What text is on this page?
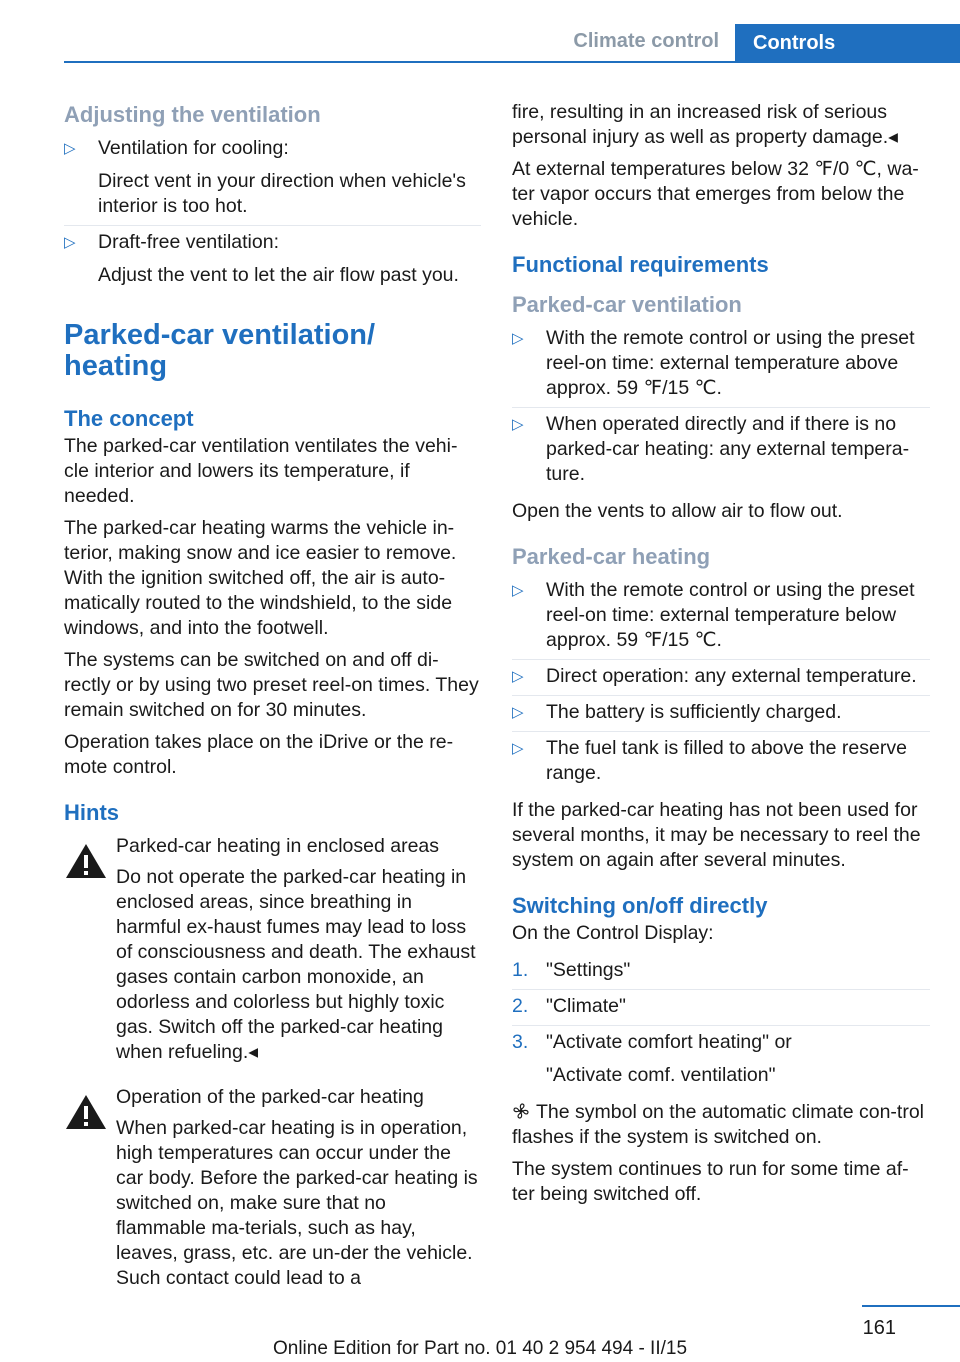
Climate control	Controls
Adjusting the ventilation
▷ Ventilation for cooling:
Direct vent in your direction when vehicle's interior is too hot.
▷ Draft-free ventilation:
Adjust the vent to let the air flow past you.
Parked-car ventilation/ heating
The concept

The parked-car ventilation ventilates the vehi-cle interior and lowers its temperature, if needed.

The parked-car heating warms the vehicle in-terior, making snow and ice easier to remove. With the ignition switched off, the air is auto-matically routed to the windshield, to the side windows, and into the footwell.

The systems can be switched on and off di-rectly or by using two preset reel-on times. They remain switched on for 30 minutes.

Operation takes place on the iDrive or the re-mote control.

Hints
Parked-car heating in enclosed areas
Do not operate the parked-car heating in enclosed areas, since breathing in harmful ex-haust fumes may lead to loss of consciousness and death. The exhaust gases contain carbon monoxide, an odorless and colorless but highly toxic gas. Switch off the parked-car heating when refueling.◂
Operation of the parked-car heating
When parked-car heating is in operation, high temperatures can occur under the car body. Before the parked-car heating is switched on, make sure that no flammable ma-terials, such as hay, leaves, grass, etc. are un-der the vehicle. Such contact could lead to a

fire, resulting in an increased risk of serious personal injury as well as property damage.◂

At external temperatures below 32 ℉/0 ℃, wa-ter vapor occurs that emerges from below the vehicle.

Functional requirements
Parked-car ventilation
▷ With the remote control or using the preset reel-on time: external temperature above approx. 59 ℉/15 ℃.
▷ When operated directly and if there is no parked-car heating: any external tempera-ture.

Open the vents to allow air to flow out.

Parked-car heating
▷ With the remote control or using the preset reel-on time: external temperature below approx. 59 ℉/15 ℃.
▷ Direct operation: any external temperature.
▷ The battery is sufficiently charged.
▷ The fuel tank is filled to above the reserve range.

If the parked-car heating has not been used for several months, it may be necessary to reel the system on again after several minutes.

Switching on/off directly

On the Control Display:

1. "Settings"
2. "Climate"
3. "Activate comfort heating" or
"Activate comf. ventilation"

The symbol on the automatic climate con-trol flashes if the system is switched on.

The system continues to run for some time af-ter being switched off.

161
Online Edition for Part no. 01 40 2 954 494 - II/15
